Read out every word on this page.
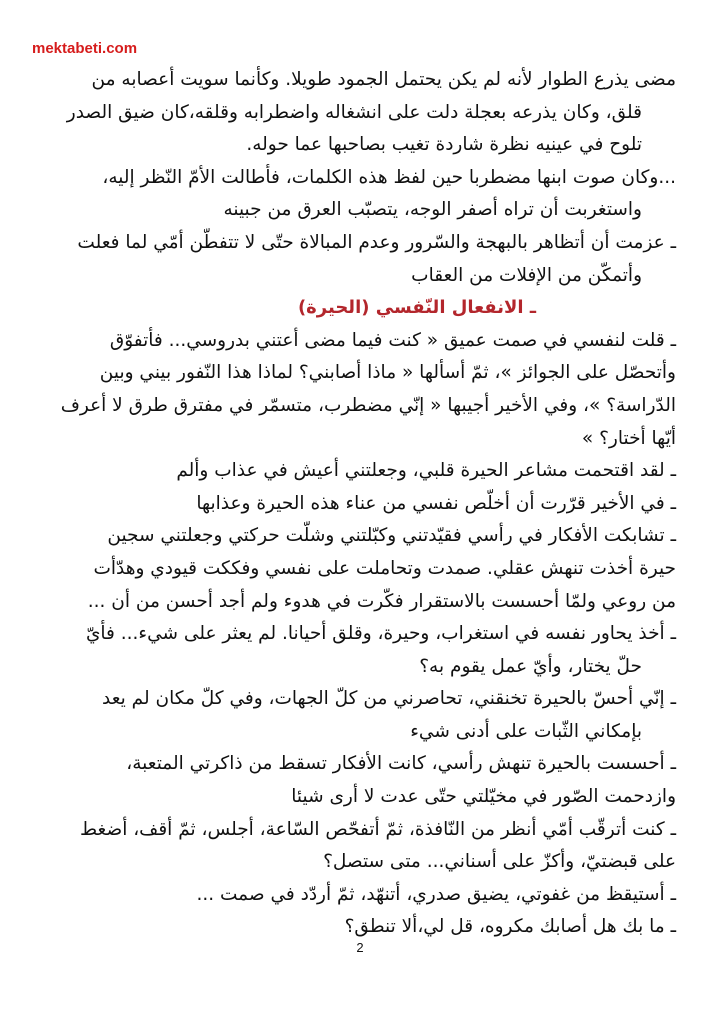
mektabeti.com
مضى يذرع الطوار لأنه لم يكن يحتمل الجمود طويلا. وكأنما سويت أعصابه من
قلق، وكان يذرعه بعجلة دلت على انشغاله واضطرابه وقلقه،كان ضيق الصدر
تلوح في عينيه نظرة شاردة تغيب بصاحبها عما حوله.
...وكان صوت ابنها مضطربا حين لفظ هذه الكلمات، فأطالت الأمّ النّظر إليه،
واستغربت أن تراه أصفر الوجه، يتصبّب العرق من جبينه
ـ عزمت أن أتظاهر بالبهجة والسّرور وعدم المبالاة حتّى لا تتفطّن أمّي لما فعلت
وأتمكّن من الإفلات من العقاب
ـ الانفعال النّفسي (الحيرة)
ـ قلت لنفسي في صمت عميق « كنت فيما مضى أعتني بدروسي... فأتفوّق
وأتحصّل على الجوائز »، ثمّ أسألها « ماذا أصابني؟ لماذا هذا النّفور بيني وبين
الدّراسة؟ »، وفي الأخير أجيبها « إنّي مضطرب، متسمّر في مفترق طرق لا أعرف
أيّها أختار؟ »
ـ لقد اقتحمت مشاعر الحيرة قلبي، وجعلتني أعيش في عذاب وألم
ـ في الأخير قرّرت أن أخلّص نفسي من عناء هذه الحيرة وعذابها
ـ تشابكت الأفكار في رأسي فقيّدتني وكبّلتني وشلّت حركتي وجعلتني سجين
حيرة أخذت تنهش عقلي. صمدت وتحاملت على نفسي وفككت قيودي وهدّأت
من روعي ولمّا أحسست بالاستقرار فكّرت في هدوء ولم أجد أحسن من أن ...
ـ أخذ يحاور نفسه في استغراب، وحيرة، وقلق أحيانا. لم يعثر على شيء... فأيّ
حلّ يختار، وأيّ عمل يقوم به؟
ـ إنّي أحسّ بالحيرة تخنقني، تحاصرني من كلّ الجهات، وفي كلّ مكان لم يعد
بإمكاني الثّبات على أدنى شيء
ـ أحسست بالحيرة تنهش رأسي، كانت الأفكار تسقط من ذاكرتي المتعبة،
وازدحمت الصّور في مخيّلتي حتّى عدت لا أرى شيئا
ـ كنت أترقّب أمّي أنظر من النّافذة، ثمّ أتفحّص السّاعة، أجلس، ثمّ أقف، أضغط
على قبضتيّ، وأكزّ على أسناني... متى ستصل؟
ـ أستيقظ من غفوتي، يضيق صدري، أتنهّد، ثمّ أردّد في صمت ...
ـ ما بك هل أصابك مكروه، قل لي،ألا تنطق؟
2
